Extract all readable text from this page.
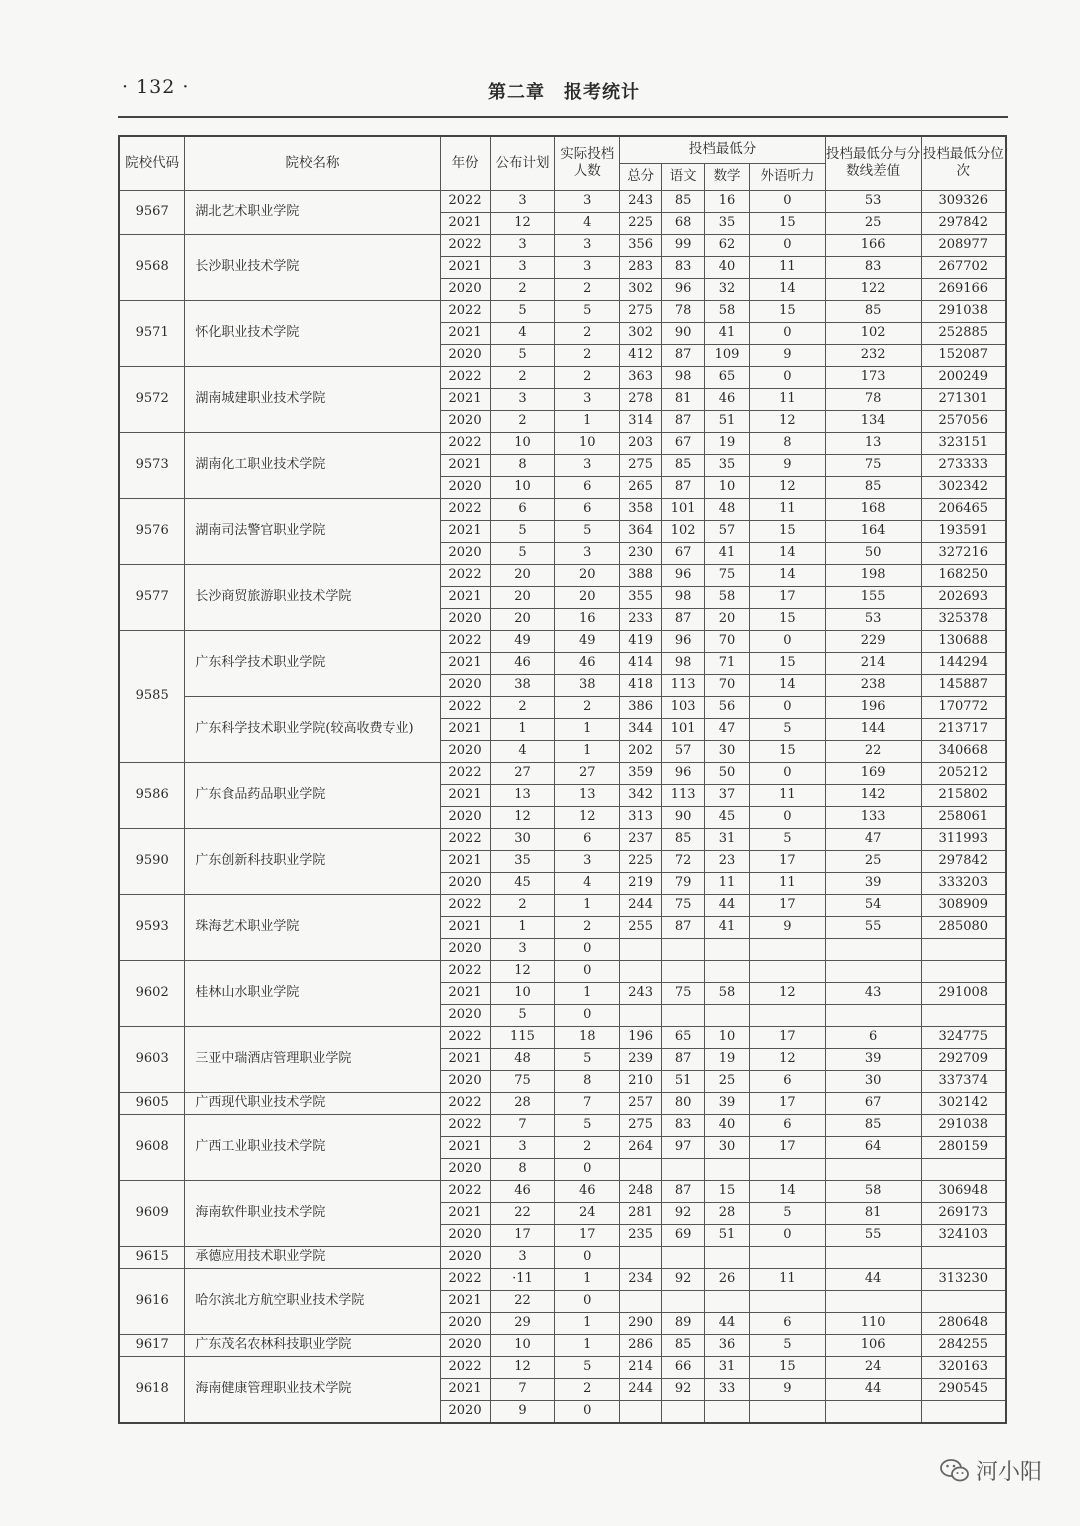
· 132 ·	第二章　报考统计
院校代码	院校名称	年份	公布计划	实际投档人数	投档最低分				投档最低分与分数线差值	投档最低分位次
					总分	语文	数学	外语听力		
9567	湖北艺术职业学院	2022	3	3	243	85	16	0	53	309326
		2021	12	4	225	68	35	15	25	297842
9568	长沙职业技术学院	2022	3	3	356	99	62	0	166	208977
		2021	3	3	283	83	40	11	83	267702
		2020	2	2	302	96	32	14	122	269166
9571	怀化职业技术学院	2022	5	5	275	78	58	15	85	291038
		2021	4	2	302	90	41	0	102	252885
		2020	5	2	412	87	109	9	232	152087
9572	湖南城建职业技术学院	2022	2	2	363	98	65	0	173	200249
		2021	3	3	278	81	46	11	78	271301
		2020	2	1	314	87	51	12	134	257056
9573	湖南化工职业技术学院	2022	10	10	203	67	19	8	13	323151
		2021	8	3	275	85	35	9	75	273333
		2020	10	6	265	87	10	12	85	302342
9576	湖南司法警官职业学院	2022	6	6	358	101	48	11	168	206465
		2021	5	5	364	102	57	15	164	193591
		2020	5	3	230	67	41	14	50	327216
9577	长沙商贸旅游职业技术学院	2022	20	20	388	96	75	14	198	168250
		2021	20	20	355	98	58	17	155	202693
		2020	20	16	233	87	20	15	53	325378
9585	广东科学技术职业学院	2022	49	49	419	96	70	0	229	130688
		2021	46	46	414	98	71	15	214	144294
		2020	38	38	418	113	70	14	238	145887
	广东科学技术职业学院(较高收费专业)	2022	2	2	386	103	56	0	196	170772
		2021	1	1	344	101	47	5	144	213717
		2020	4	1	202	57	30	15	22	340668
9586	广东食品药品职业学院	2022	27	27	359	96	50	0	169	205212
		2021	13	13	342	113	37	11	142	215802
		2020	12	12	313	90	45	0	133	258061
9590	广东创新科技职业学院	2022	30	6	237	85	31	5	47	311993
		2021	35	3	225	72	23	17	25	297842
		2020	45	4	219	79	11	11	39	333203
9593	珠海艺术职业学院	2022	2	1	244	75	44	17	54	308909
		2021	1	2	255	87	41	9	55	285080
		2020	3	0						
9602	桂林山水职业学院	2022	12	0						
		2021	10	1	243	75	58	12	43	291008
		2020	5	0						
9603	三亚中瑞酒店管理职业学院	2022	115	18	196	65	10	17	6	324775
		2021	48	5	239	87	19	12	39	292709
		2020	75	8	210	51	25	6	30	337374
9605	广西现代职业技术学院	2022	28	7	257	80	39	17	67	302142
9608	广西工业职业技术学院	2022	7	5	275	83	40	6	85	291038
		2021	3	2	264	97	30	17	64	280159
		2020	8	0						
9609	海南软件职业技术学院	2022	46	46	248	87	15	14	58	306948
		2021	22	24	281	92	28	5	81	269173
		2020	17	17	235	69	51	0	55	324103
9615	承德应用技术职业学院	2020	3	0						
9616	哈尔滨北方航空职业技术学院	2022	·11	1	234	92	26	11	44	313230
		2021	22	0						
		2020	29	1	290	89	44	6	110	280648
9617	广东茂名农林科技职业学院	2020	10	1	286	85	36	5	106	284255
9618	海南健康管理职业技术学院	2022	12	5	214	66	31	15	24	320163
		2021	7	2	244	92	33	9	44	290545
		2020	9	0						
河小阳
